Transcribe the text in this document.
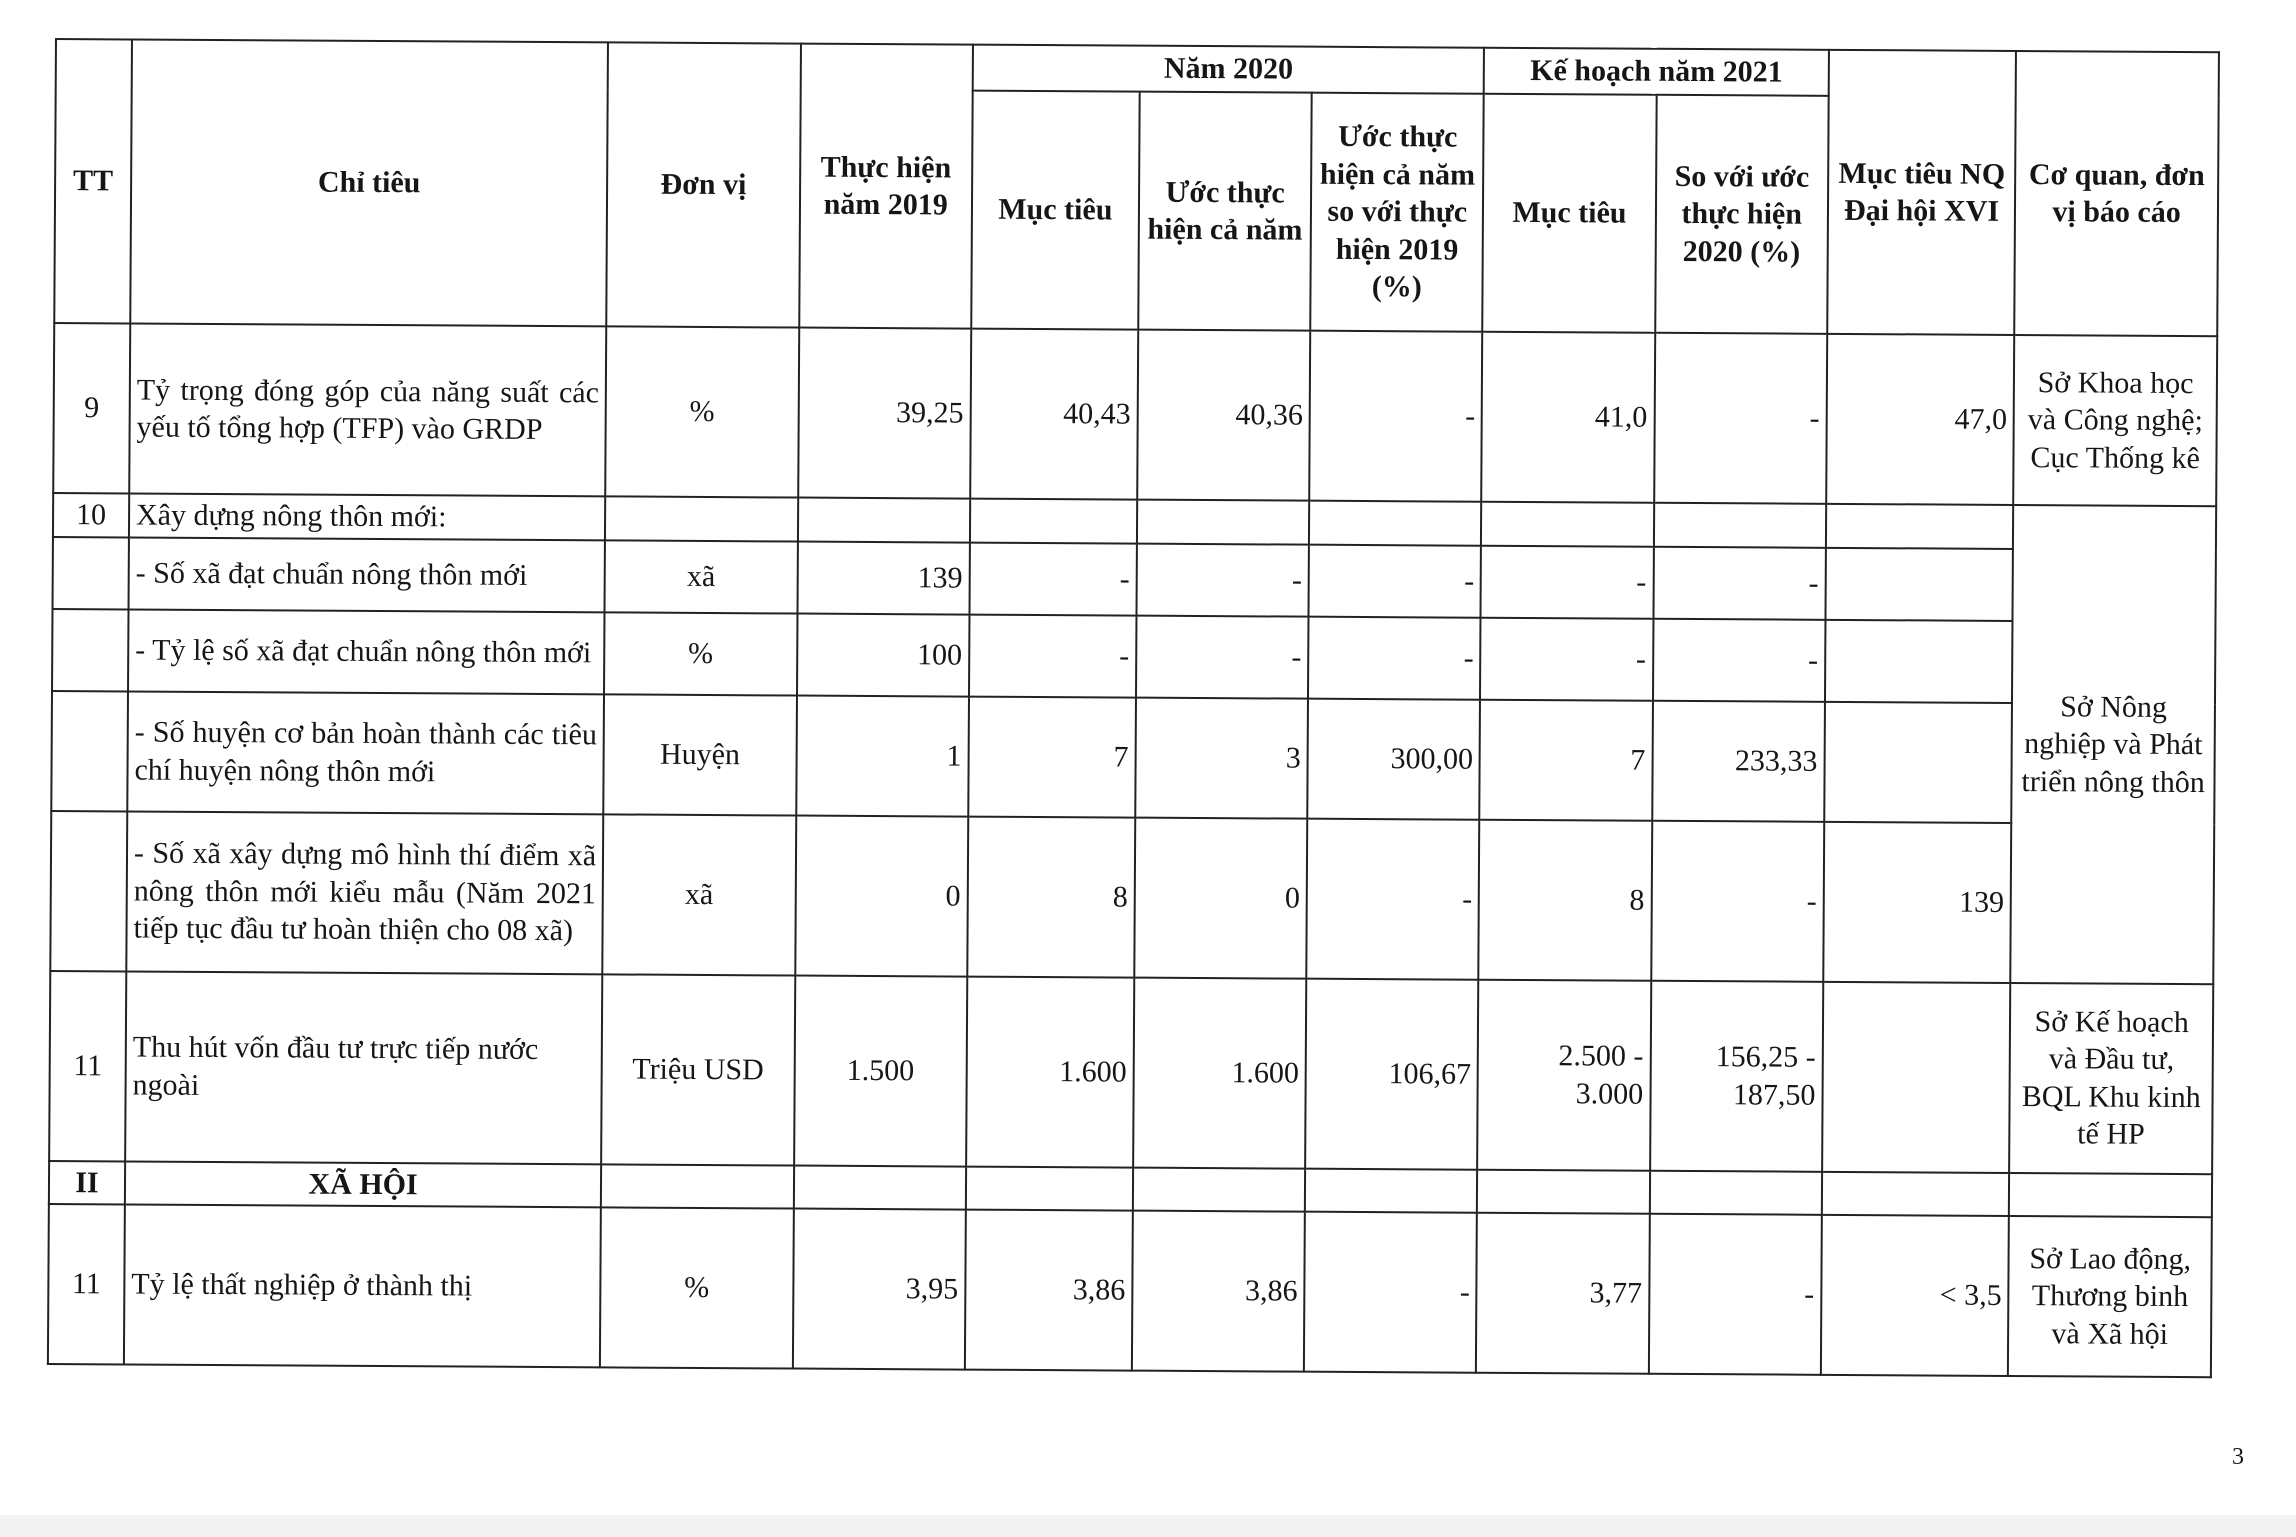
TT	Chỉ tiêu	Đơn vị	Thực hiện năm 2019	Năm 2020			Kế hoạch năm 2021		Mục tiêu NQ Đại hội XVI	Cơ quan, đơn vị báo cáo
				Mục tiêu	Ước thực hiện cả năm	Ước thực hiện cả năm so với thực hiện 2019 (%)	Mục tiêu	So với ước thực hiện 2020 (%)		
9	Tỷ trọng đóng góp của năng suất các yếu tố tổng hợp (TFP) vào GRDP	%	39,25	40,43	40,36	-	41,0	-	47,0	Sở Khoa học và Công nghệ; Cục Thống kê
10	Xây dựng nông thôn mới:									Sở Nông nghiệp và Phát triển nông thôn
	- Số xã đạt chuẩn nông thôn mới	xã	139	-	-	-	-	-		
	- Tỷ lệ số xã đạt chuẩn nông thôn mới	%	100	-	-	-	-	-		
	- Số huyện cơ bản hoàn thành các tiêu chí huyện nông thôn mới	Huyện	1	7	3	300,00	7	233,33		
	- Số xã xây dựng mô hình thí điểm xã nông thôn mới kiểu mẫu (Năm 2021 tiếp tục đầu tư hoàn thiện cho 08 xã)	xã	0	8	0	-	8	-	139	
11	Thu hút vốn đầu tư trực tiếp nước ngoài	Triệu USD	1.500	1.600	1.600	106,67	2.500 - 3.000	156,25 - 187,50		Sở Kế hoạch và Đầu tư, BQL Khu kinh tế HP
II	XÃ HỘI									
11	Tỷ lệ thất nghiệp ở thành thị	%	3,95	3,86	3,86	-	3,77	-	< 3,5	Sở Lao động, Thương binh và Xã hội
3
